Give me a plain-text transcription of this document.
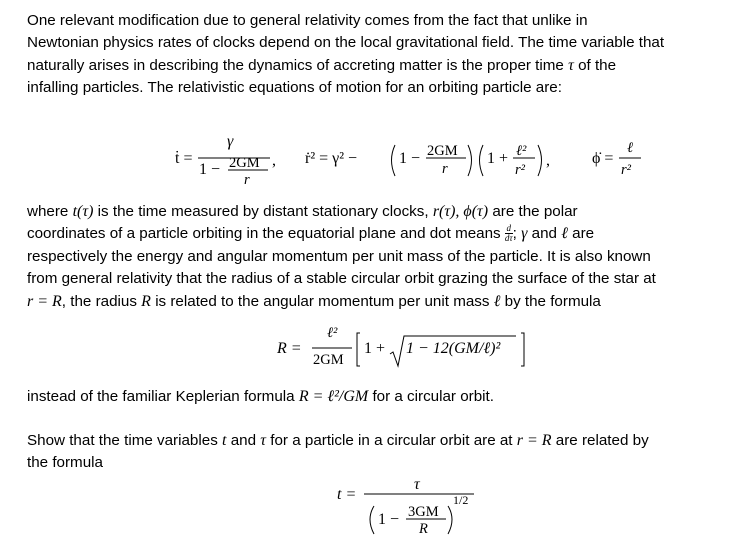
One relevant modification due to general relativity comes from the fact that unlike in
Newtonian physics rates of clocks depend on the local gravitational field. The time variable that
naturally arises in describing the dynamics of accreting matter is the proper time τ of the
infalling particles. The relativistic equations of motion for an orbiting particle are:
ṫ =
γ
1 − 2GM
r
, ṙ² = γ² −	1 − 2GM
r
1 + ℓ²
r²
,	ϕ̇ =
ℓ
r²
where t(τ) is the time measured by distant stationary clocks, r(τ), ϕ(τ) are the polar
coordinates of a particle orbiting in the equatorial plane and dot means $\frac{d}{d\tau}$ ; γ and ℓ are
respectively the energy and angular momentum per unit mass of the particle. It is also known
from general relativity that the radius of a stable circular orbit grazing the surface of the star at
r = R, the radius R is related to the angular momentum per unit mass ℓ by the formula
R =
ℓ²
2GM
1 + 1 − 12(GM/ℓ)²
instead of the familiar Keplerian formula R = ℓ²/GM for a circular orbit.
Show that the time variables t and τ for a particle in a circular orbit are at r = R are related by
the formula
t =
τ
1 − 3GM
R
1/2
